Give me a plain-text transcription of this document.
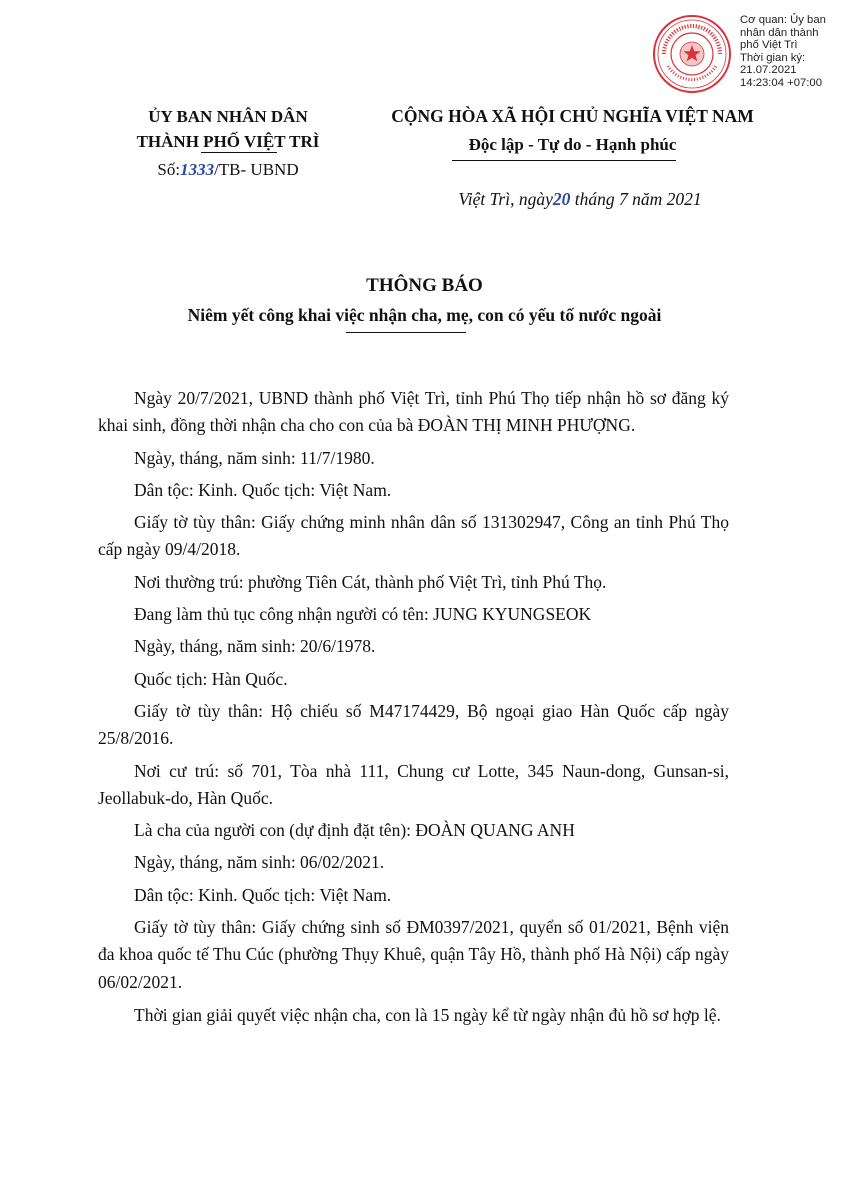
Cơ quan: Ủy ban
nhân dân thành
phố Việt Trì
Thời gian ký:
21.07.2021
14:23:04 +07:00
ỦY BAN NHÂN DÂN
THÀNH PHỐ VIỆT TRÌ
Số:1333/TB- UBND
CỘNG HÒA XÃ HỘI CHỦ NGHĨA VIỆT NAM
Độc lập - Tự do - Hạnh phúc
Việt Trì, ngày20 tháng 7 năm 2021
THÔNG BÁO
Niêm yết công khai việc nhận cha, mẹ, con có yếu tố nước ngoài

Ngày 20/7/2021, UBND thành phố Việt Trì, tỉnh Phú Thọ tiếp nhận hồ sơ đăng ký khai sinh, đồng thời nhận cha cho con của bà ĐOÀN THỊ MINH PHƯỢNG.

Ngày, tháng, năm sinh: 11/7/1980.

Dân tộc: Kinh. Quốc tịch: Việt Nam.

Giấy tờ tùy thân: Giấy chứng minh nhân dân số 131302947, Công an tỉnh Phú Thọ cấp ngày 09/4/2018.

Nơi thường trú: phường Tiên Cát, thành phố Việt Trì, tỉnh Phú Thọ.

Đang làm thủ tục công nhận người có tên: JUNG KYUNGSEOK

Ngày, tháng, năm sinh: 20/6/1978.

Quốc tịch: Hàn Quốc.

Giấy tờ tùy thân: Hộ chiếu số M47174429, Bộ ngoại giao Hàn Quốc cấp ngày 25/8/2016.

Nơi cư trú: số 701, Tòa nhà 111, Chung cư Lotte, 345 Naun-dong, Gunsan-si, Jeollabuk-do, Hàn Quốc.

Là cha của người con (dự định đặt tên): ĐOÀN QUANG ANH

Ngày, tháng, năm sinh: 06/02/2021.

Dân tộc: Kinh. Quốc tịch: Việt Nam.

Giấy tờ tùy thân: Giấy chứng sinh số ĐM0397/2021, quyển số 01/2021, Bệnh viện đa khoa quốc tế Thu Cúc (phường Thụy Khuê, quận Tây Hồ, thành phố Hà Nội) cấp ngày 06/02/2021.

Thời gian giải quyết việc nhận cha, con là 15 ngày kể từ ngày nhận đủ hồ sơ hợp lệ.
